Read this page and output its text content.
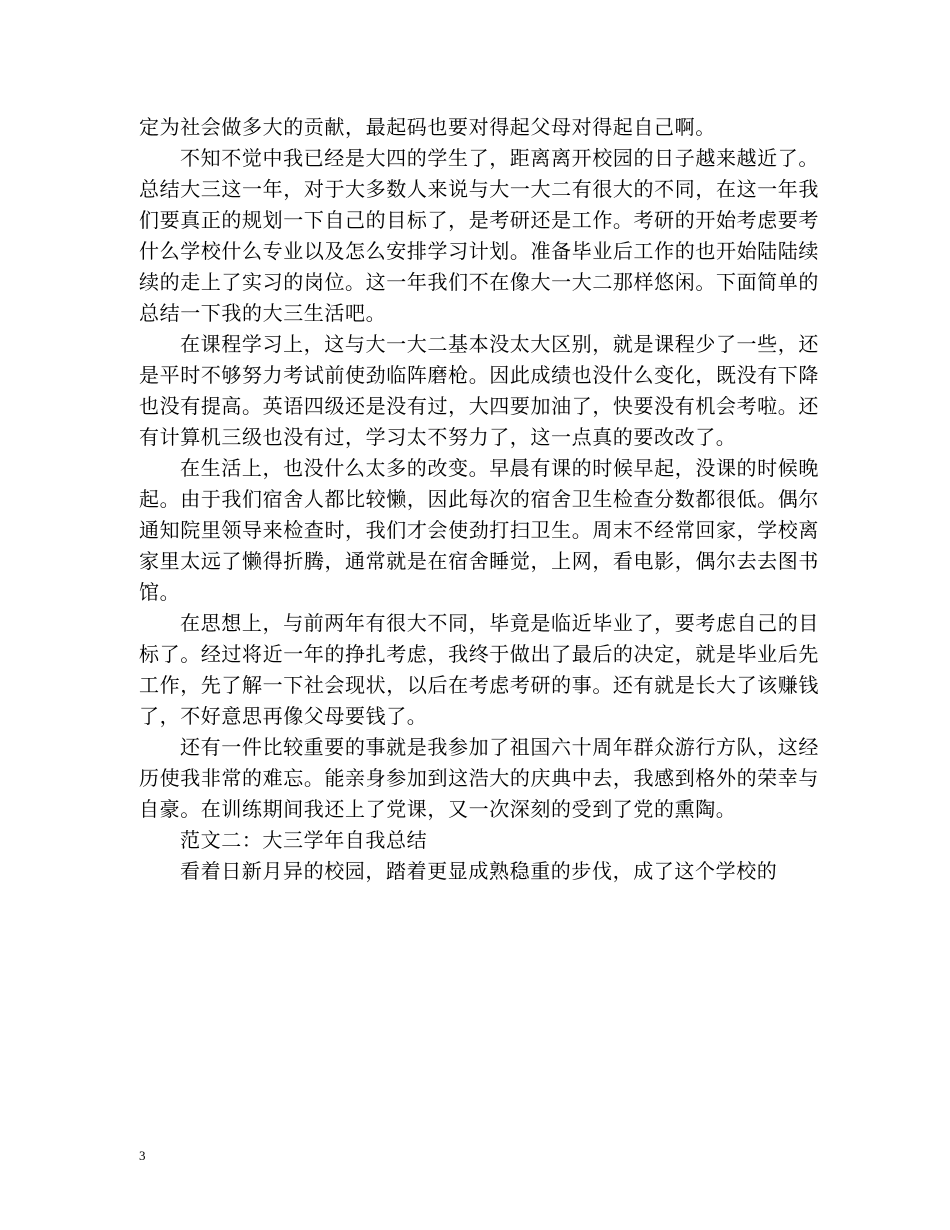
定为社会做多大的贡献，最起码也要对得起父母对得起自己啊。

不知不觉中我已经是大四的学生了，距离离开校园的日子越来越近了。总结大三这一年，对于大多数人来说与大一大二有很大的不同，在这一年我们要真正的规划一下自己的目标了，是考研还是工作。考研的开始考虑要考什么学校什么专业以及怎么安排学习计划。准备毕业后工作的也开始陆陆续续的走上了实习的岗位。这一年我们不在像大一大二那样悠闲。下面简单的总结一下我的大三生活吧。

在课程学习上，这与大一大二基本没太大区别，就是课程少了一些，还是平时不够努力考试前使劲临阵磨枪。因此成绩也没什么变化，既没有下降也没有提高。英语四级还是没有过，大四要加油了，快要没有机会考啦。还有计算机三级也没有过，学习太不努力了，这一点真的要改改了。

在生活上，也没什么太多的改变。早晨有课的时候早起，没课的时候晚起。由于我们宿舍人都比较懒，因此每次的宿舍卫生检查分数都很低。偶尔通知院里领导来检查时，我们才会使劲打扫卫生。周末不经常回家，学校离家里太远了懒得折腾，通常就是在宿舍睡觉，上网，看电影，偶尔去去图书馆。

在思想上，与前两年有很大不同，毕竟是临近毕业了，要考虑自己的目标了。经过将近一年的挣扎考虑，我终于做出了最后的决定，就是毕业后先工作，先了解一下社会现状，以后在考虑考研的事。还有就是长大了该赚钱了，不好意思再像父母要钱了。

还有一件比较重要的事就是我参加了祖国六十周年群众游行方队，这经历使我非常的难忘。能亲身参加到这浩大的庆典中去，我感到格外的荣幸与自豪。在训练期间我还上了党课，又一次深刻的受到了党的熏陶。

范文二：大三学年自我总结

看着日新月异的校园，踏着更显成熟稳重的步伐，成了这个学校的

3
